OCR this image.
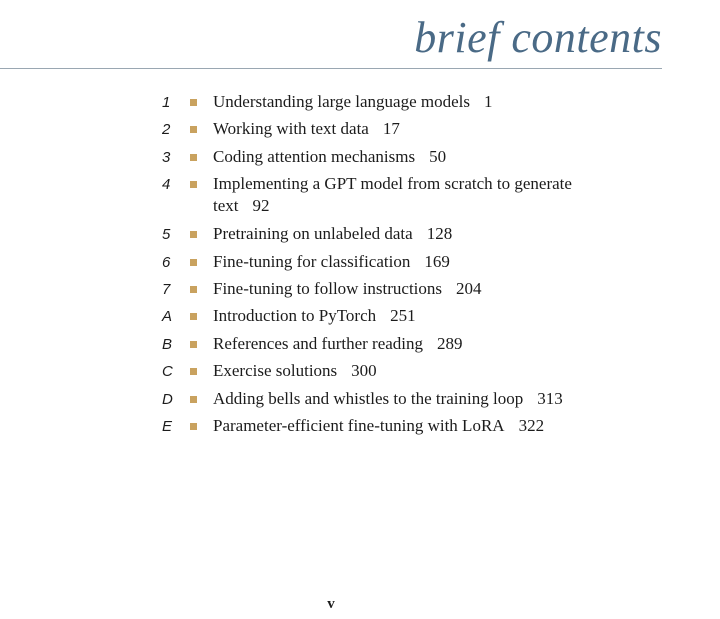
brief contents
1	Understanding large language models 1
2	Working with text data 17
3	Coding attention mechanisms 50
4	Implementing a GPT model from scratch to generate text 92
5	Pretraining on unlabeled data 128
6	Fine-tuning for classification 169
7	Fine-tuning to follow instructions 204
A	Introduction to PyTorch 251
B	References and further reading 289
C	Exercise solutions 300
D	Adding bells and whistles to the training loop 313
E	Parameter-efficient fine-tuning with LoRA 322
v
